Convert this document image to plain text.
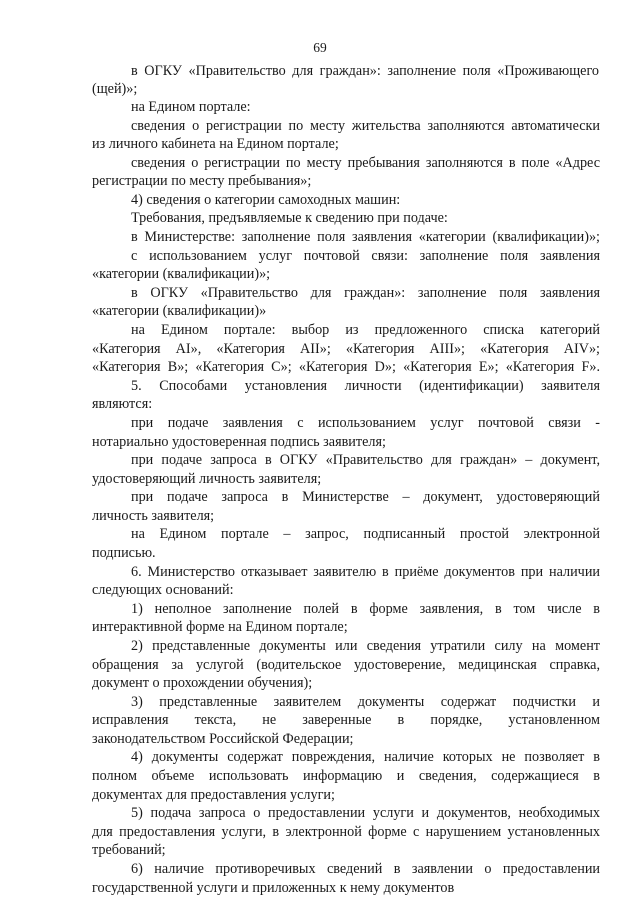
69
в ОГКУ «Правительство для граждан»: заполнение поля «Проживающего
(щей)»;
на Едином портале:
сведения о регистрации по месту жительства заполняются автоматически
из личного кабинета на Едином портале;
сведения о регистрации по месту пребывания заполняются в поле «Адрес
регистрации по месту пребывания»;
4) сведения о категории самоходных машин:
Требования, предъявляемые к сведению при подаче:
в Министерстве: заполнение поля заявления «категории (квалификации)»;
с использованием услуг почтовой связи: заполнение поля заявления
«категории (квалификации)»;
в ОГКУ «Правительство для граждан»: заполнение поля заявления
«категории (квалификации)»
на Едином портале: выбор из предложенного списка категорий
«Категория AI», «Категория AII»; «Категория AIII»; «Категория AIV»;
«Категория B»; «Категория C»; «Категория D»; «Категория E»; «Категория F».
5. Способами установления личности (идентификации) заявителя
являются:
при подаче заявления с использованием услуг почтовой связи -
нотариально удостоверенная подпись заявителя;
при подаче запроса в ОГКУ «Правительство для граждан» – документ,
удостоверяющий личность заявителя;
при подаче запроса в Министерстве – документ, удостоверяющий
личность заявителя;
на Едином портале – запрос, подписанный простой электронной
подписью.
6. Министерство отказывает заявителю в приёме документов при наличии
следующих оснований:
1) неполное заполнение полей в форме заявления, в том числе в
интерактивной форме на Едином портале;
2) представленные документы или сведения утратили силу на момент
обращения за услугой (водительское удостоверение, медицинская справка,
документ о прохождении обучения);
3) представленные заявителем документы содержат подчистки и
исправления текста, не заверенные в порядке, установленном
законодательством Российской Федерации;
4) документы содержат повреждения, наличие которых не позволяет в
полном объеме использовать информацию и сведения, содержащиеся в
документах для предоставления услуги;
5) подача запроса о предоставлении услуги и документов, необходимых
для предоставления услуги, в электронной форме с нарушением установленных
требований;
6) наличие противоречивых сведений в заявлении о предоставлении
государственной услуги и приложенных к нему документов
